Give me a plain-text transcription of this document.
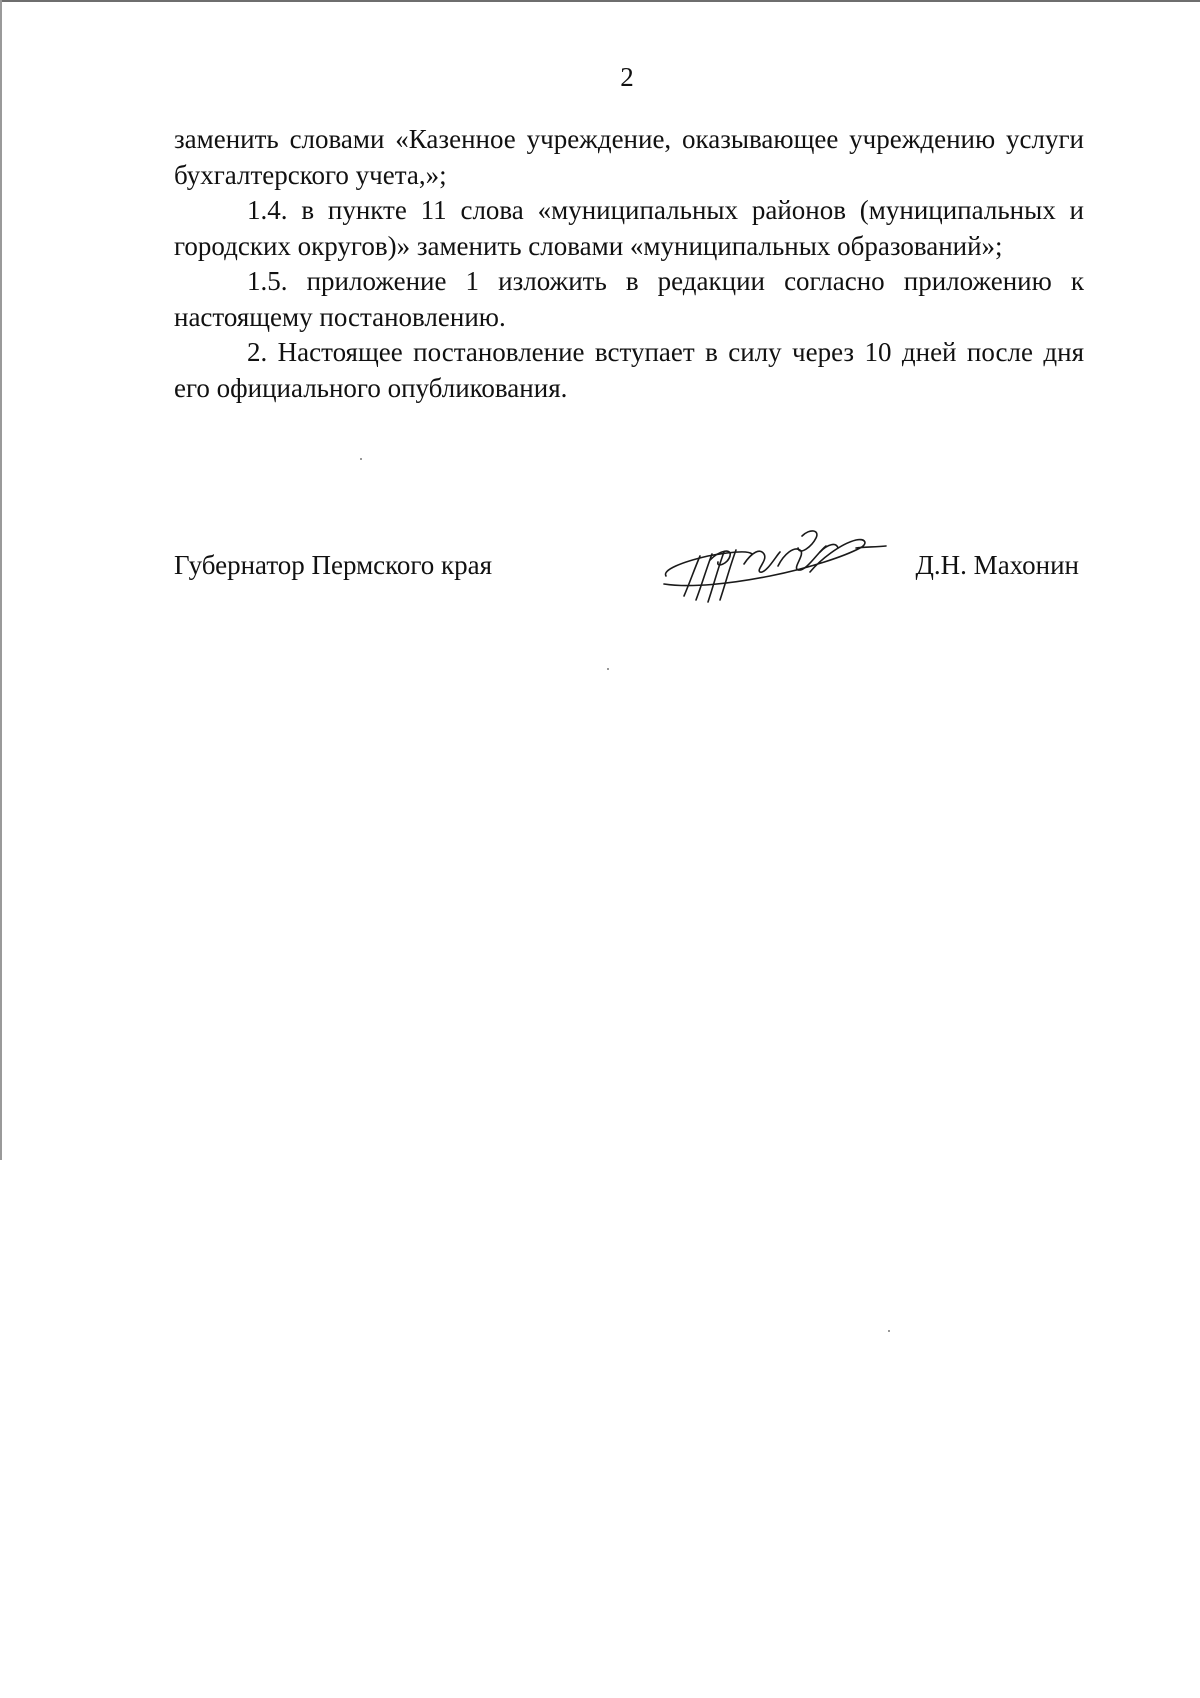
2

заменить словами «Казенное учреждение, оказывающее учреждению услуги бухгалтерского учета,»;

1.4. в пункте 11 слова «муниципальных районов (муниципальных и городских округов)» заменить словами «муниципальных образований»;

1.5. приложение 1 изложить в редакции согласно приложению к настоящему постановлению.

2. Настоящее постановление вступает в силу через 10 дней после дня его официального опубликования.

Губернатор Пермского края	Д.Н. Махонин
